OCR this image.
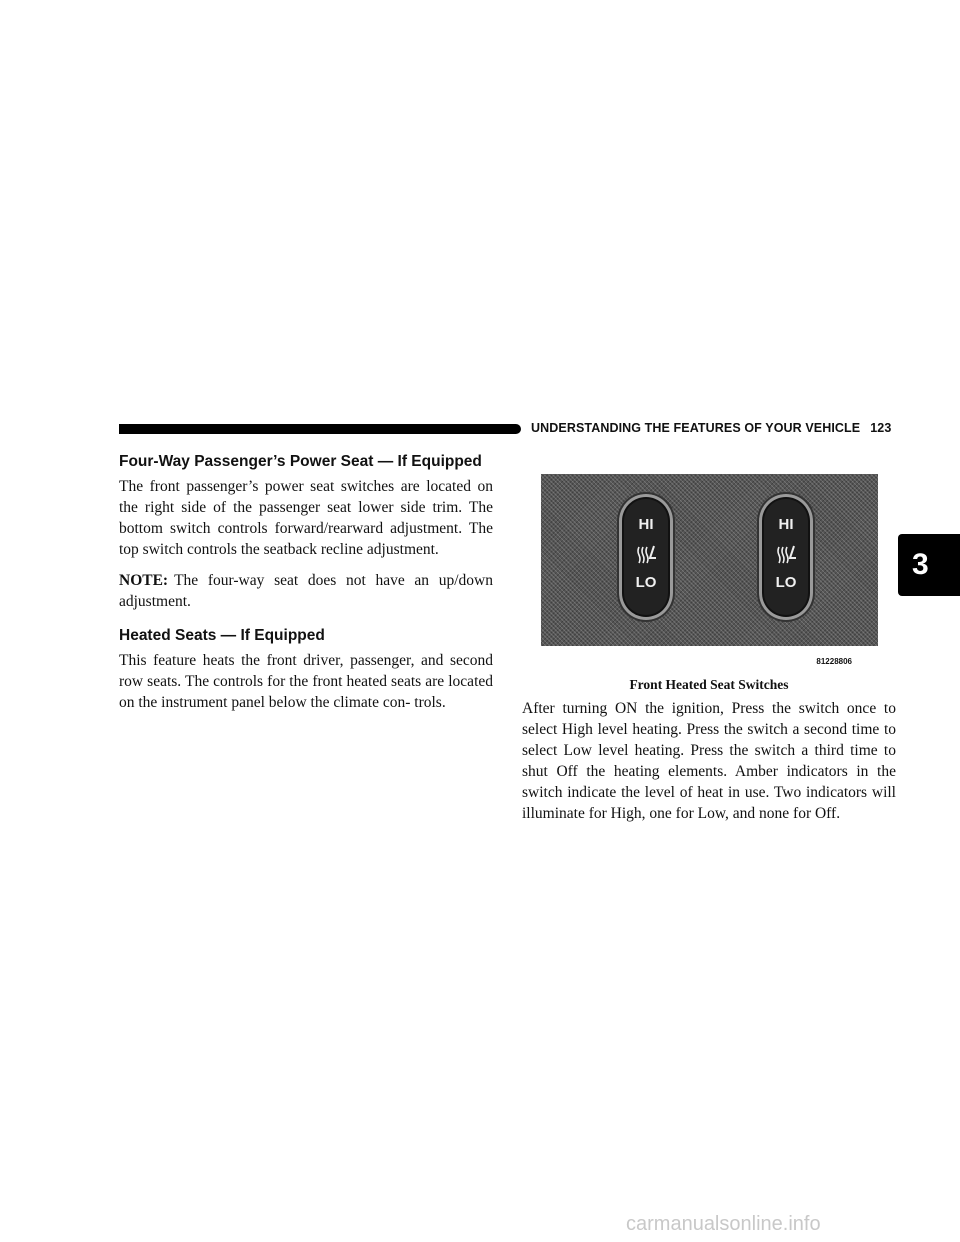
UNDERSTANDING THE FEATURES OF YOUR VEHICLE 123
3
Four-Way Passenger’s Power Seat — If Equipped

The front passenger’s power seat switches are located on the right side of the passenger seat lower side trim. The bottom switch controls forward/rearward adjustment. The top switch controls the seatback recline adjustment.

NOTE: The four-way seat does not have an up/down adjustment.

Heated Seats — If Equipped

This feature heats the front driver, passenger, and second row seats. The controls for the front heated seats are located on the instrument panel below the climate con- trols.

HI
LO
HI
LO
81228806
Front Heated Seat Switches

After turning ON the ignition, Press the switch once to select High level heating. Press the switch a second time to select Low level heating. Press the switch a third time to shut Off the heating elements. Amber indicators in the switch indicate the level of heat in use. Two indicators will illuminate for High, one for Low, and none for Off.

carmanualsonline.info
